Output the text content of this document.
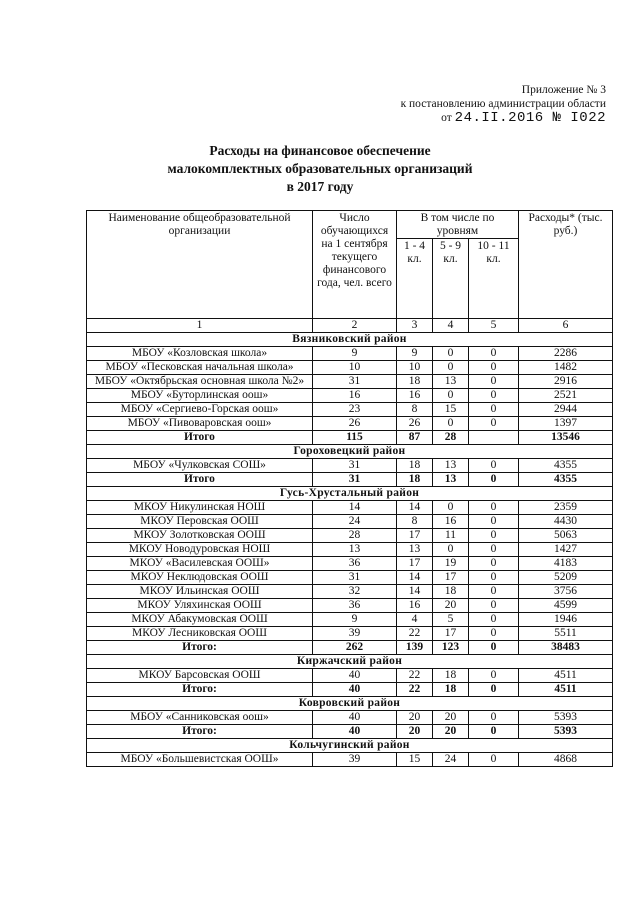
Приложение № 3
к постановлению администрации области
от 24.II.2016 № I022
Расходы на финансовое обеспечение
малокомплектных образовательных организаций
в 2017 году
Наименование общеобразовательной организации	Число обучающихся на 1 сентября текущего финансового года, чел. всего	В том числе по уровням			Расходы* (тыс. руб.)
		1 - 4 кл.	5 - 9 кл.	10 - 11 кл.	
1	2	3	4	5	6
Вязниковский район					
МБОУ «Козловская школа»	9	9	0	0	2286
МБОУ «Песковская начальная школа»	10	10	0	0	1482
МБОУ «Октябрьская основная школа №2»	31	18	13	0	2916
МБОУ «Буторлинская оош»	16	16	0	0	2521
МБОУ «Сергиево-Горская оош»	23	8	15	0	2944
МБОУ «Пивоваровская оош»	26	26	0	0	1397
Итого	115	87	28		13546
Гороховецкий район					
МБОУ «Чулковская СОШ»	31	18	13	0	4355
Итого	31	18	13	0	4355
Гусь-Хрустальный район					
МКОУ Никулинская НОШ	14	14	0	0	2359
МКОУ Перовская ООШ	24	8	16	0	4430
МКОУ Золотковская ООШ	28	17	11	0	5063
МКОУ Новодуровская НОШ	13	13	0	0	1427
МКОУ «Василевская ООШ»	36	17	19	0	4183
МКОУ Неклюдовская ООШ	31	14	17	0	5209
МКОУ Ильинская ООШ	32	14	18	0	3756
МКОУ Уляхинская ООШ	36	16	20	0	4599
МКОУ Абакумовская ООШ	9	4	5	0	1946
МКОУ Лесниковская ООШ	39	22	17	0	5511
Итого:	262	139	123	0	38483
Киржачский район					
МКОУ Барсовская ООШ	40	22	18	0	4511
Итого:	40	22	18	0	4511
Ковровский район					
МБОУ «Санниковская оош»	40	20	20	0	5393
Итого:	40	20	20	0	5393
Кольчугинский район					
МБОУ «Большевистская ООШ»	39	15	24	0	4868
